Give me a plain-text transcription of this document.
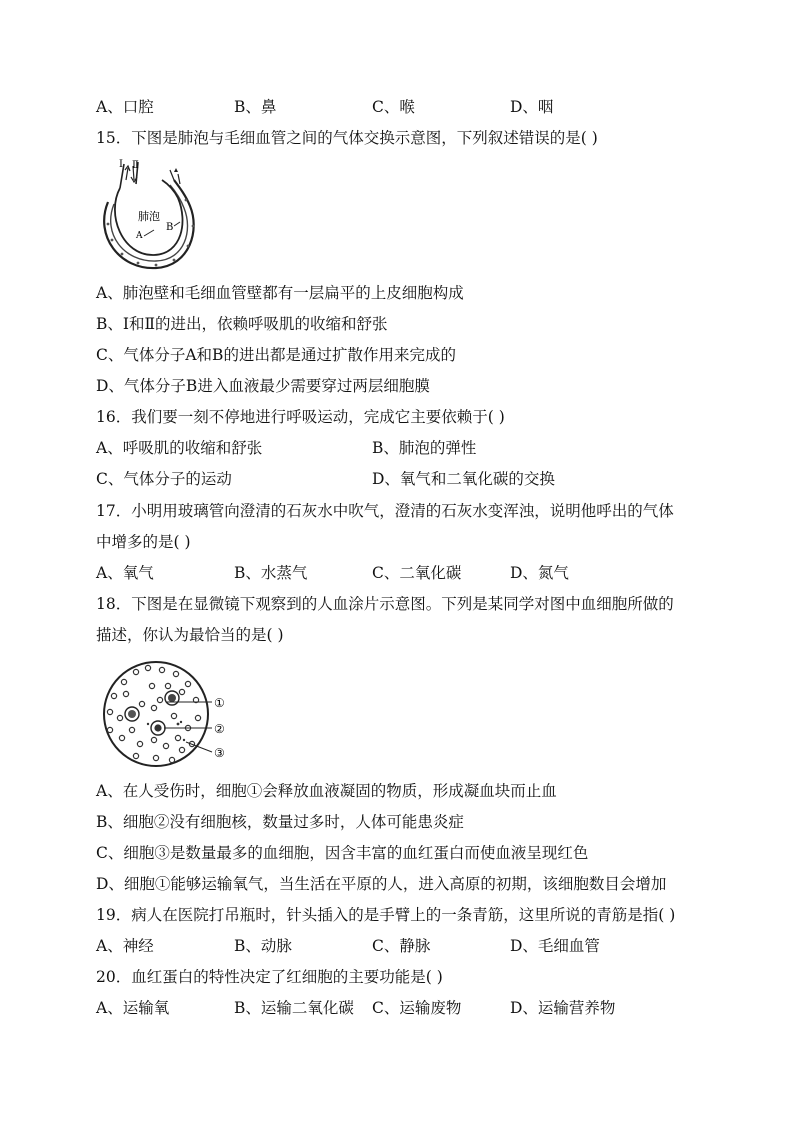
A、口腔	B、鼻	C、喉	D、咽
15．下图是肺泡与毛细血管之间的气体交换示意图，下列叙述错误的是( )
Ⅰ Ⅱ
肺泡
A
B
A、肺泡壁和毛细血管壁都有一层扁平的上皮细胞构成
B、Ⅰ和Ⅱ的进出，依赖呼吸肌的收缩和舒张
C、气体分子A和B的进出都是通过扩散作用来完成的
D、气体分子B进入血液最少需要穿过两层细胞膜
16．我们要一刻不停地进行呼吸运动，完成它主要依赖于( )
A、呼吸肌的收缩和舒张	B、肺泡的弹性
C、气体分子的运动	D、氧气和二氧化碳的交换
17．小明用玻璃管向澄清的石灰水中吹气，澄清的石灰水变浑浊，说明他呼出的气体
中增多的是( )
A、氧气	B、水蒸气	C、二氧化碳	D、氮气
18．下图是在显微镜下观察到的人血涂片示意图。下列是某同学对图中血细胞所做的
描述，你认为最恰当的是( )
①
②
③
A、在人受伤时，细胞①会释放血液凝固的物质，形成凝血块而止血
B、细胞②没有细胞核，数量过多时，人体可能患炎症
C、细胞③是数量最多的血细胞，因含丰富的血红蛋白而使血液呈现红色
D、细胞①能够运输氧气，当生活在平原的人，进入高原的初期，该细胞数目会增加
19．病人在医院打吊瓶时，针头插入的是手臂上的一条青筋，这里所说的青筋是指( )
A、神经	B、动脉	C、静脉	D、毛细血管
20．血红蛋白的特性决定了红细胞的主要功能是( )
A、运输氧	B、运输二氧化碳 C、运输废物	D、运输营养物
